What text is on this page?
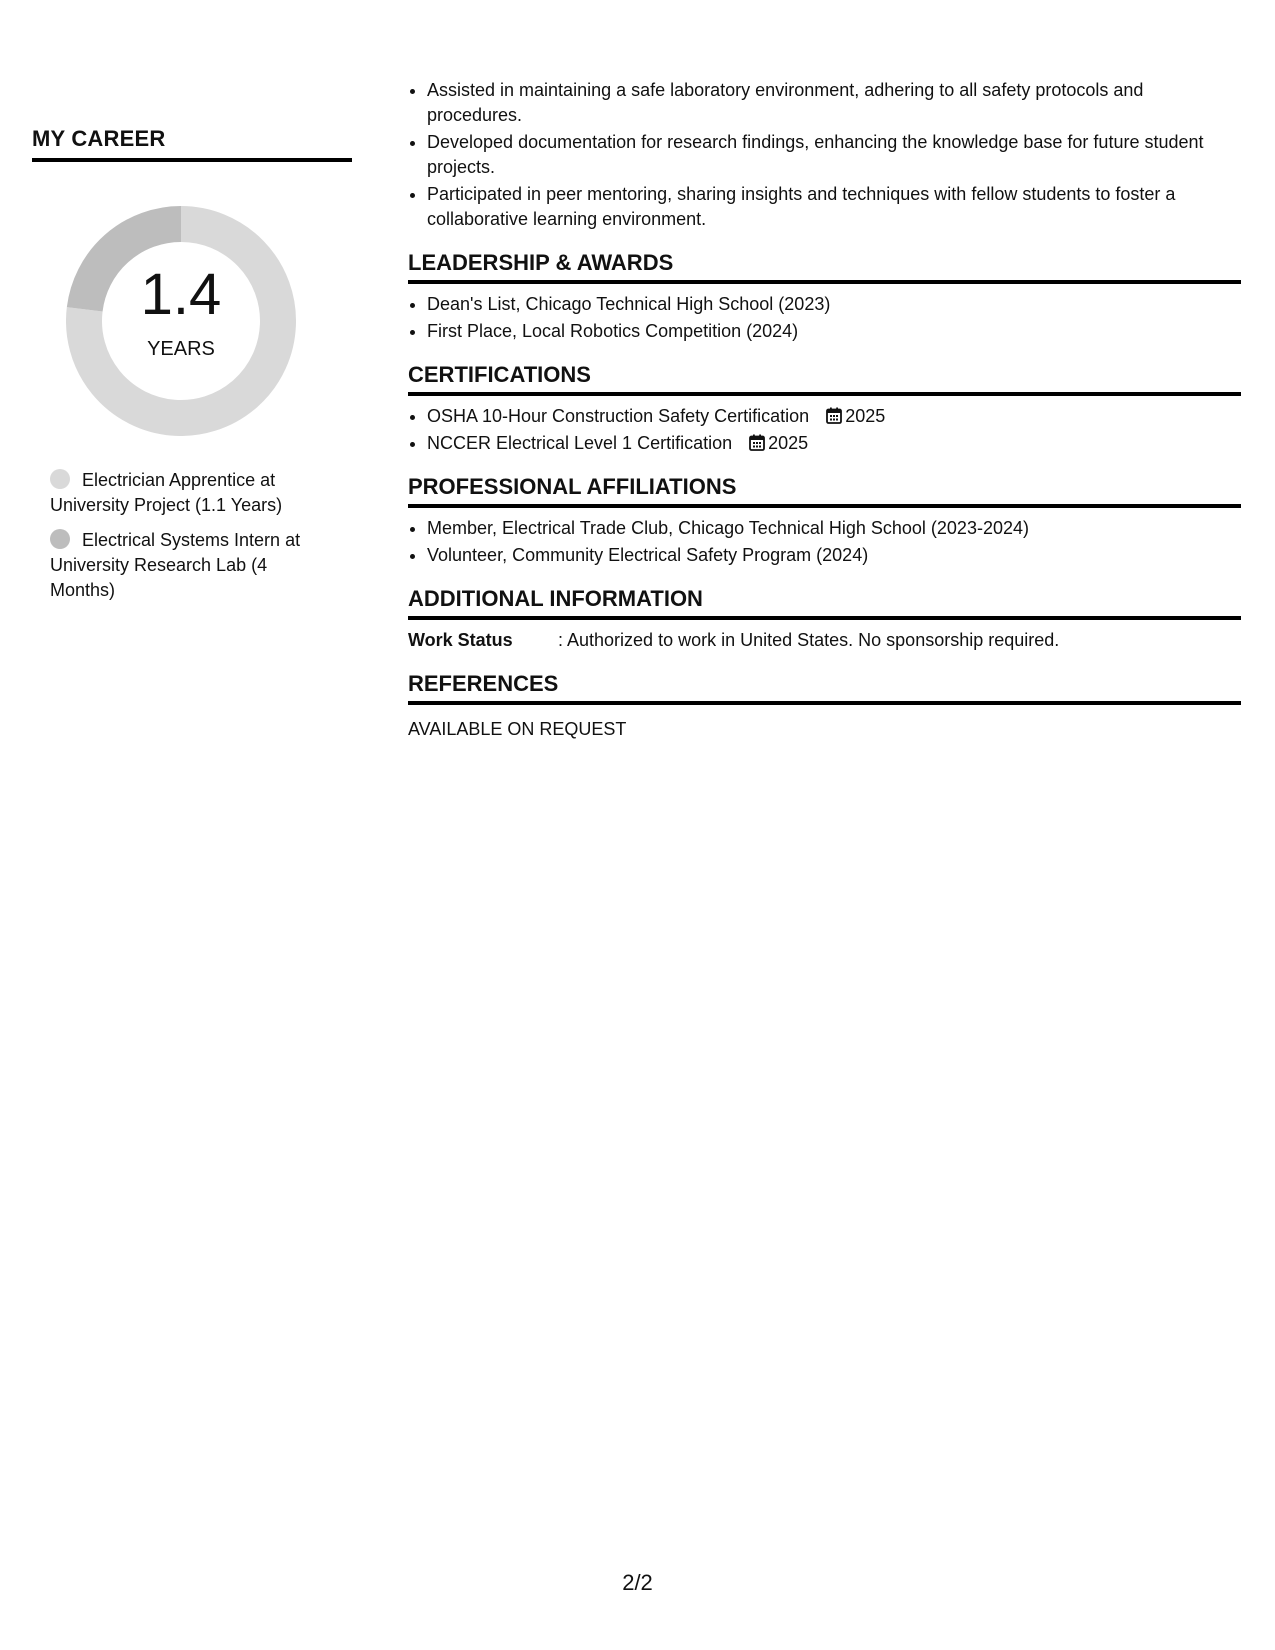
MY CAREER
1.4
YEARS
Electrician Apprentice at University Project (1.1 Years)
Electrical Systems Intern at University Research Lab (4 Months)
• Assisted in maintaining a safe laboratory environment, adhering to all safety protocols and procedures.
• Developed documentation for research findings, enhancing the knowledge base for future student projects.
• Participated in peer mentoring, sharing insights and techniques with fellow students to foster a collaborative learning environment.
LEADERSHIP & AWARDS
• Dean's List, Chicago Technical High School (2023)
• First Place, Local Robotics Competition (2024)
CERTIFICATIONS
• OSHA 10-Hour Construction Safety Certification 2025
• NCCER Electrical Level 1 Certification 2025
PROFESSIONAL AFFILIATIONS
• Member, Electrical Trade Club, Chicago Technical High School (2023-2024)
• Volunteer, Community Electrical Safety Program (2024)
ADDITIONAL INFORMATION
Work Status	: Authorized to work in United States. No sponsorship required.
REFERENCES
AVAILABLE ON REQUEST
2/2
